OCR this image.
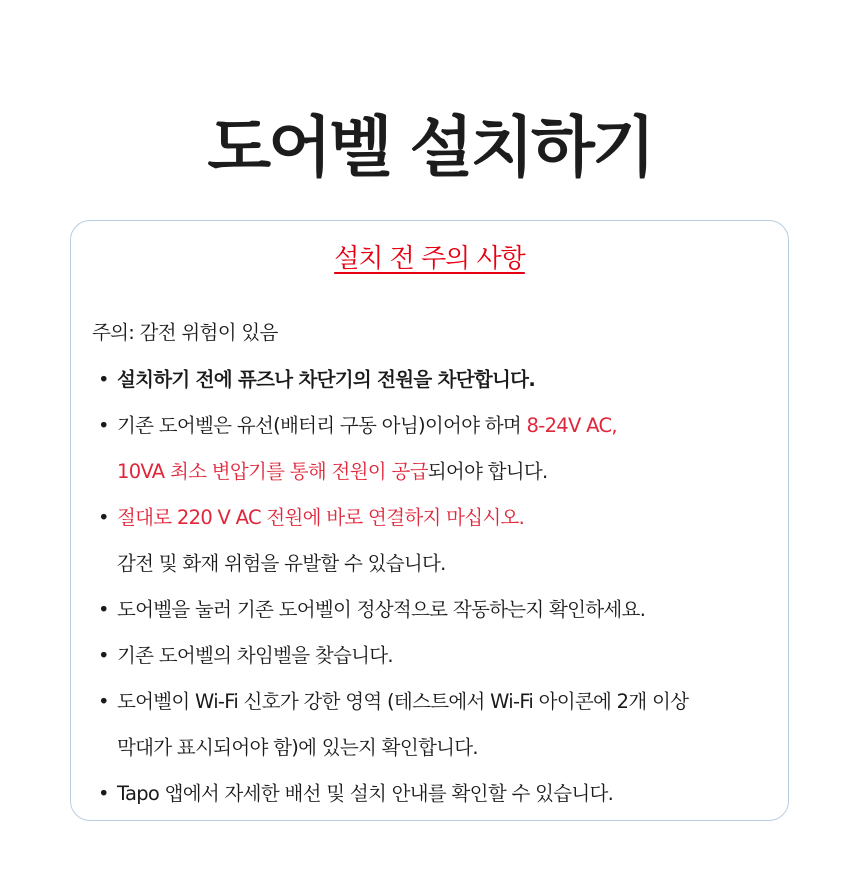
도어벨 설치하기
설치 전 주의 사항
주의: 감전 위험이 있음
• 설치하기 전에 퓨즈나 차단기의 전원을 차단합니다.
• 기존 도어벨은 유선(배터리 구동 아님)이어야 하며 8-24V AC,
10VA 최소 변압기를 통해 전원이 공급되어야 합니다.
• 절대로 220 V AC 전원에 바로 연결하지 마십시오.
감전 및 화재 위험을 유발할 수 있습니다.
• 도어벨을 눌러 기존 도어벨이 정상적으로 작동하는지 확인하세요.
• 기존 도어벨의 차임벨을 찾습니다.
• 도어벨이 Wi-Fi 신호가 강한 영역 (테스트에서 Wi-Fi 아이콘에 2개 이상
막대가 표시되어야 함)에 있는지 확인합니다.
• Tapo 앱에서 자세한 배선 및 설치 안내를 확인할 수 있습니다.
